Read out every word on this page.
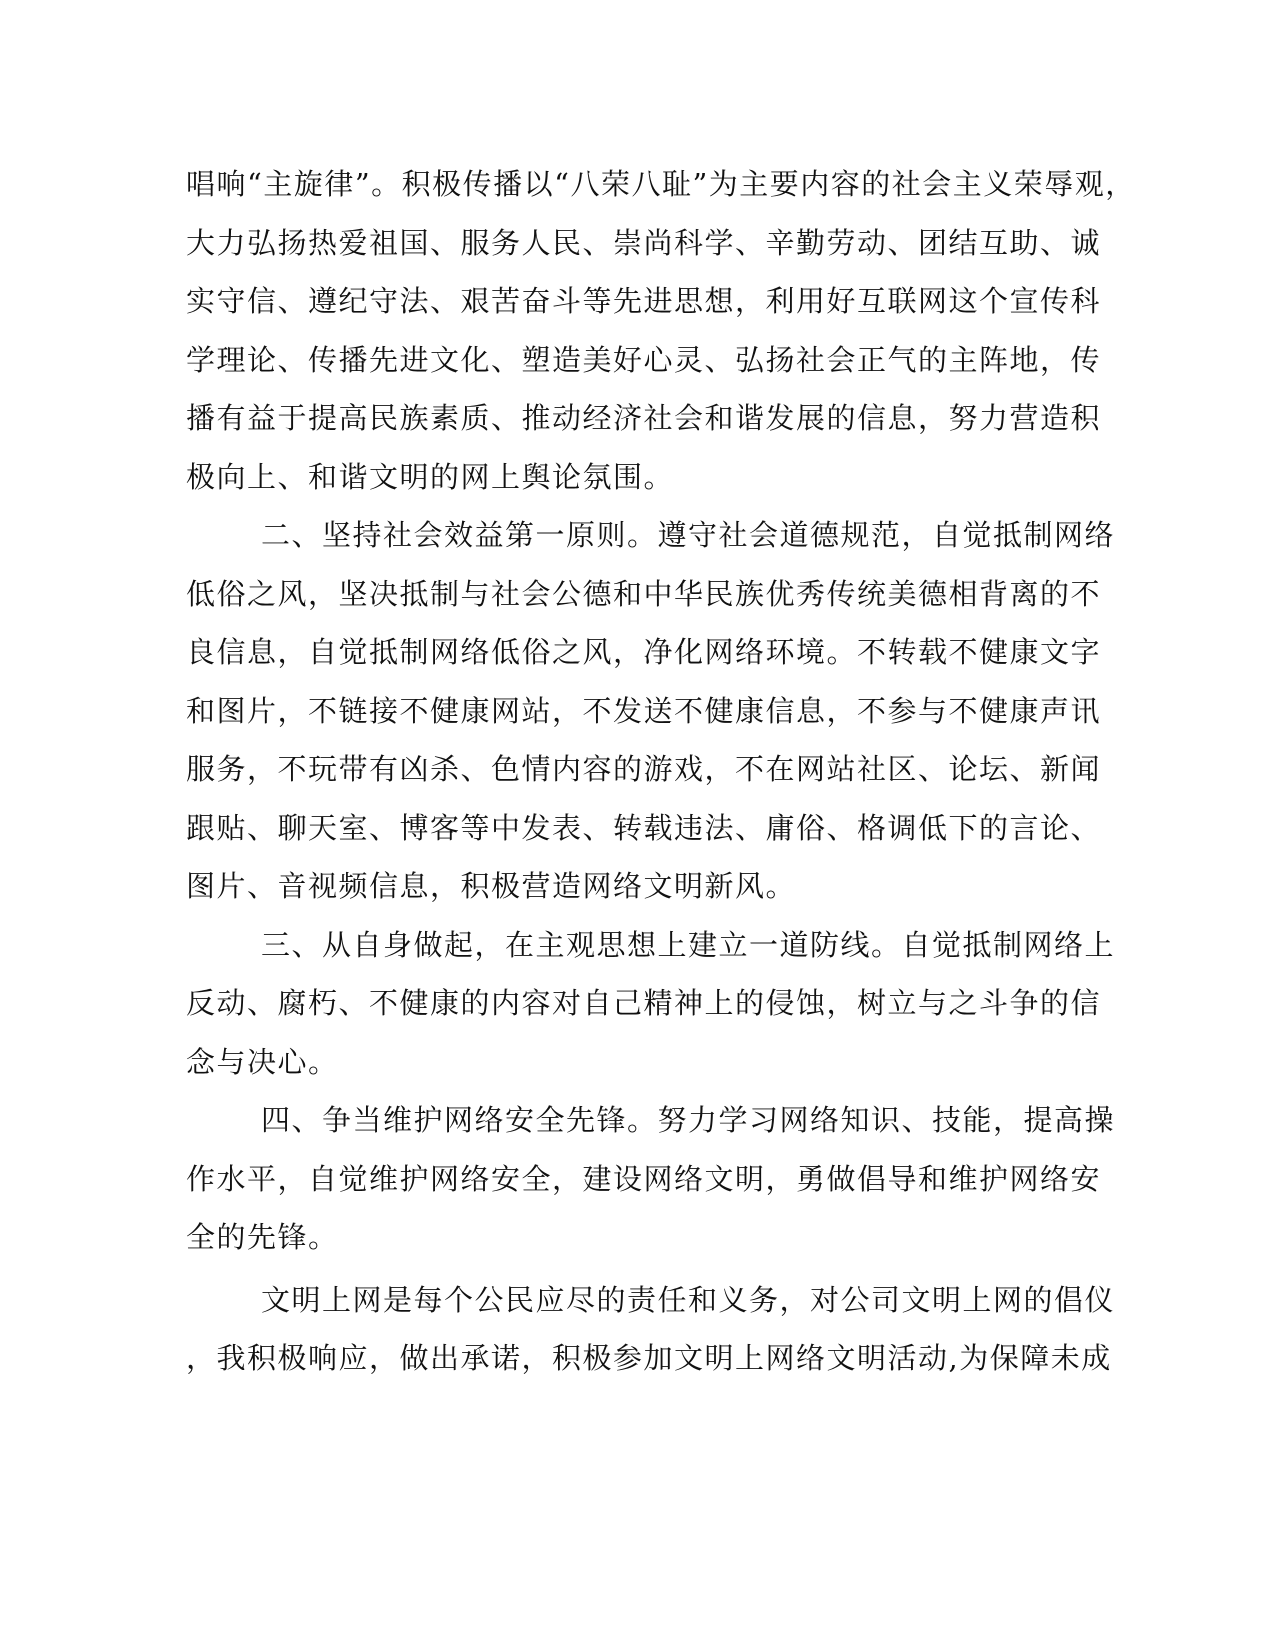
唱响“主旋律”。积极传播以“八荣八耻”为主要内容的社会主义荣辱观，
大力弘扬热爱祖国、服务人民、崇尚科学、辛勤劳动、团结互助、诚
实守信、遵纪守法、艰苦奋斗等先进思想，利用好互联网这个宣传科
学理论、传播先进文化、塑造美好心灵、弘扬社会正气的主阵地，传
播有益于提高民族素质、推动经济社会和谐发展的信息，努力营造积
极向上、和谐文明的网上舆论氛围。
二、坚持社会效益第一原则。遵守社会道德规范，自觉抵制网络
低俗之风，坚决抵制与社会公德和中华民族优秀传统美德相背离的不
良信息，自觉抵制网络低俗之风，净化网络环境。不转载不健康文字
和图片，不链接不健康网站，不发送不健康信息，不参与不健康声讯
服务，不玩带有凶杀、色情内容的游戏，不在网站社区、论坛、新闻
跟贴、聊天室、博客等中发表、转载违法、庸俗、格调低下的言论、
图片、音视频信息，积极营造网络文明新风。
三、从自身做起，在主观思想上建立一道防线。自觉抵制网络上
反动、腐朽、不健康的内容对自己精神上的侵蚀，树立与之斗争的信
念与决心。
四、争当维护网络安全先锋。努力学习网络知识、技能，提高操
作水平，自觉维护网络安全，建设网络文明，勇做倡导和维护网络安
全的先锋。
文明上网是每个公民应尽的责任和义务，对公司文明上网的倡仪
，我积极响应，做出承诺，积极参加文明上网络文明活动,为保障未成
